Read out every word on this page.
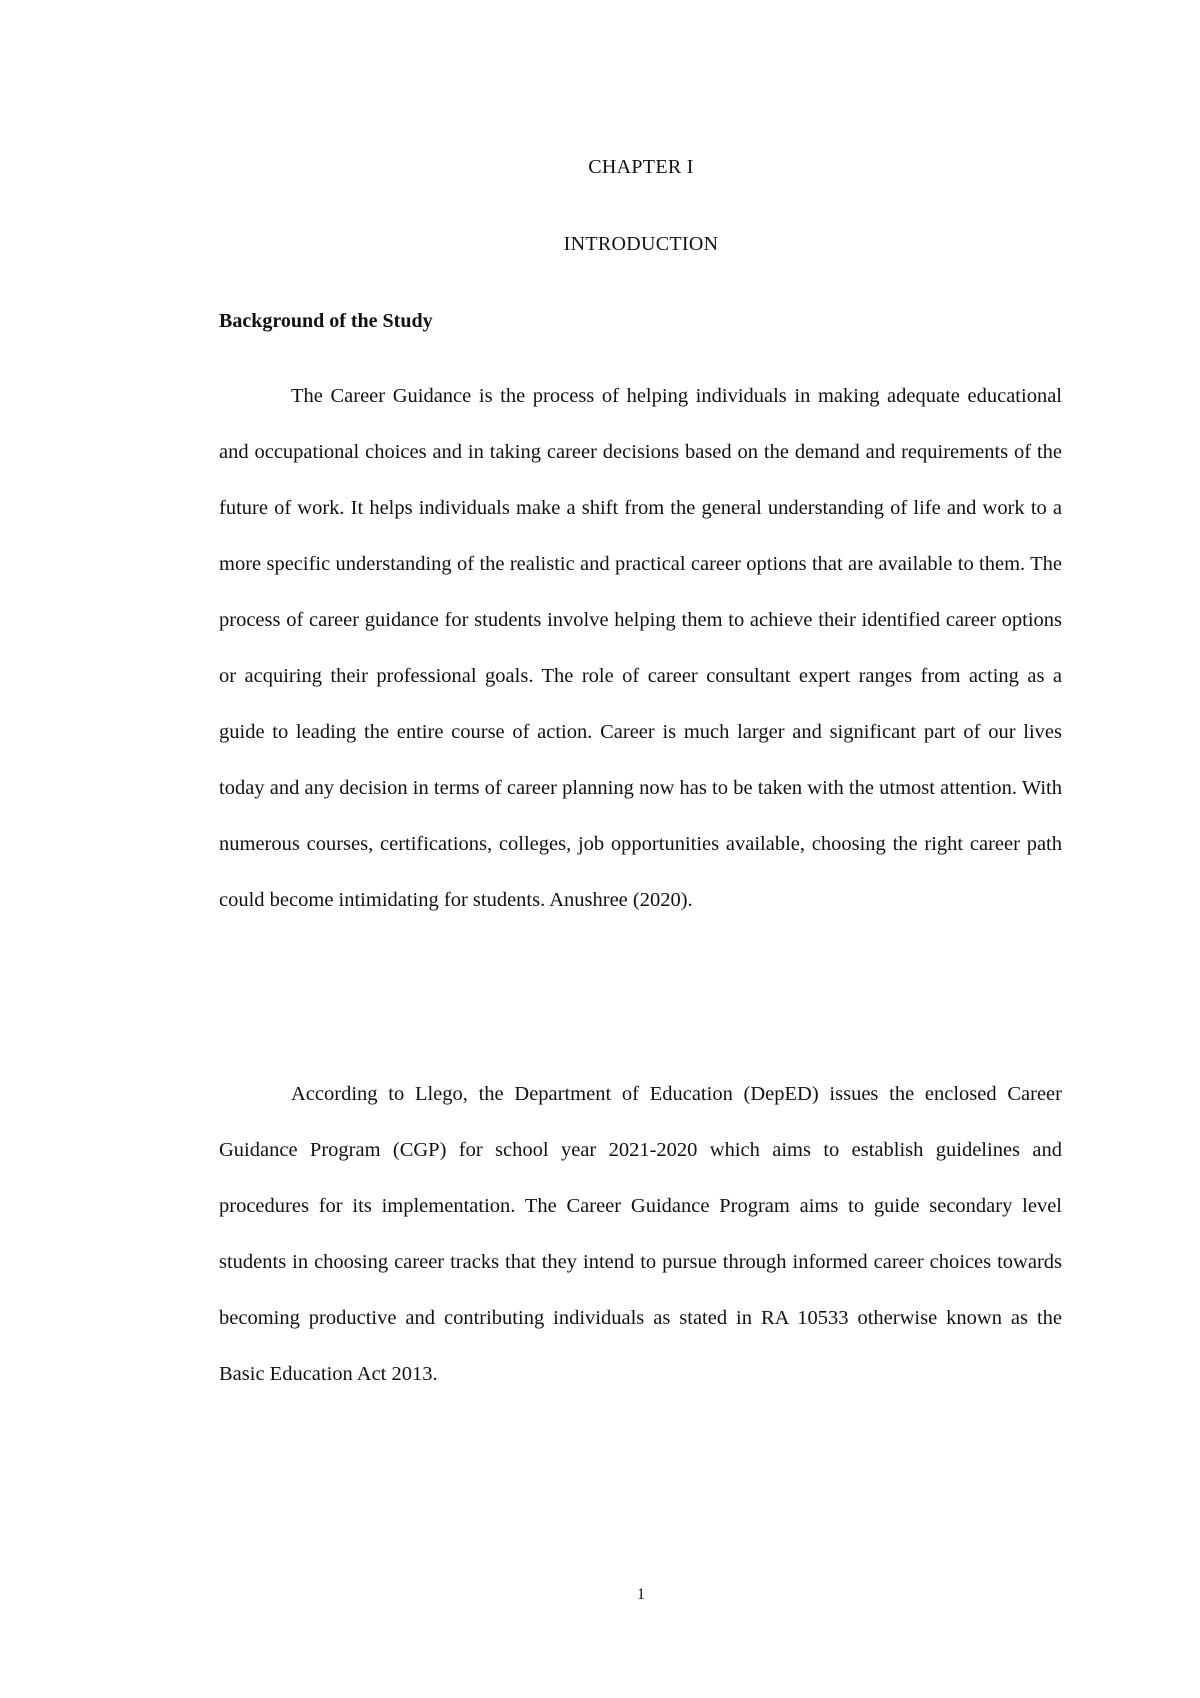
CHAPTER I
INTRODUCTION
Background of the Study

The Career Guidance is the process of helping individuals in making adequate educational and occupational choices and in taking career decisions based on the demand and requirements of the future of work. It helps individuals make a shift from the general understanding of life and work to a more specific understanding of the realistic and practical career options that are available to them. The process of career guidance for students involve helping them to achieve their identified career options or acquiring their professional goals. The role of career consultant expert ranges from acting as a guide to leading the entire course of action. Career is much larger and significant part of our lives today and any decision in terms of career planning now has to be taken with the utmost attention. With numerous courses, certifications, colleges, job opportunities available, choosing the right career path could become intimidating for students. Anushree (2020).

According to Llego, the Department of Education (DepED) issues the enclosed Career Guidance Program (CGP) for school year 2021-2020 which aims to establish guidelines and procedures for its implementation. The Career Guidance Program aims to guide secondary level students in choosing career tracks that they intend to pursue through informed career choices towards becoming productive and contributing individuals as stated in RA 10533 otherwise known as the Basic Education Act 2013.

1
